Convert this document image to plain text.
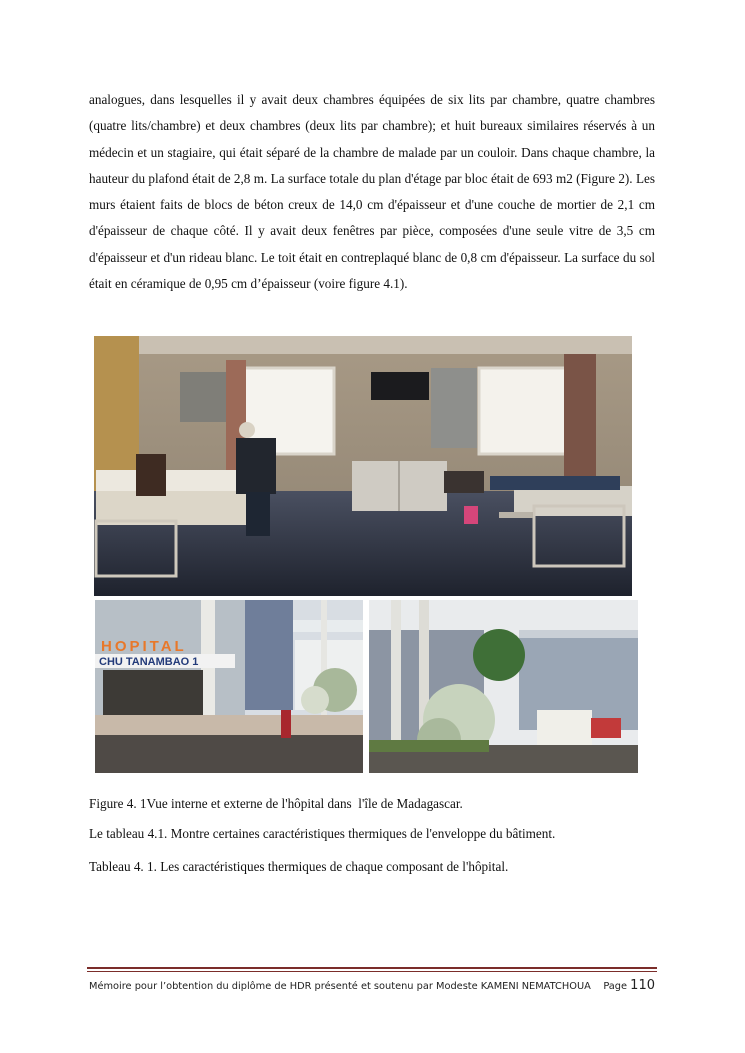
analogues, dans lesquelles il y avait deux chambres équipées de six lits par chambre, quatre chambres (quatre lits/chambre) et deux chambres (deux lits par chambre); et huit bureaux similaires réservés à un médecin et un stagiaire, qui était séparé de la chambre de malade par un couloir. Dans chaque chambre, la hauteur du plafond était de 2,8 m. La surface totale du plan d'étage par bloc était de 693 m2 (Figure 2). Les murs étaient faits de blocs de béton creux de 14,0 cm d'épaisseur et d'une couche de mortier de 2,1 cm d'épaisseur de chaque côté. Il y avait deux fenêtres par pièce, composées d'une seule vitre de 3,5 cm d'épaisseur et d'un rideau blanc. Le toit était en contreplaqué blanc de 0,8 cm d'épaisseur. La surface du sol était en céramique de 0,95 cm d’épaisseur (voire figure 4.1).

HOPITAL
CHU TANAMBAO 1

Figure 4. 1Vue interne et externe de l'hôpital dans  l'île de Madagascar.

Le tableau 4.1. Montre certaines caractéristiques thermiques de l'enveloppe du bâtiment.

Tableau 4. 1. Les caractéristiques thermiques de chaque composant de l'hôpital.

Mémoire pour l’obtention du diplôme de HDR présenté et soutenu par Modeste KAMENI NEMATCHOUA Page 110
